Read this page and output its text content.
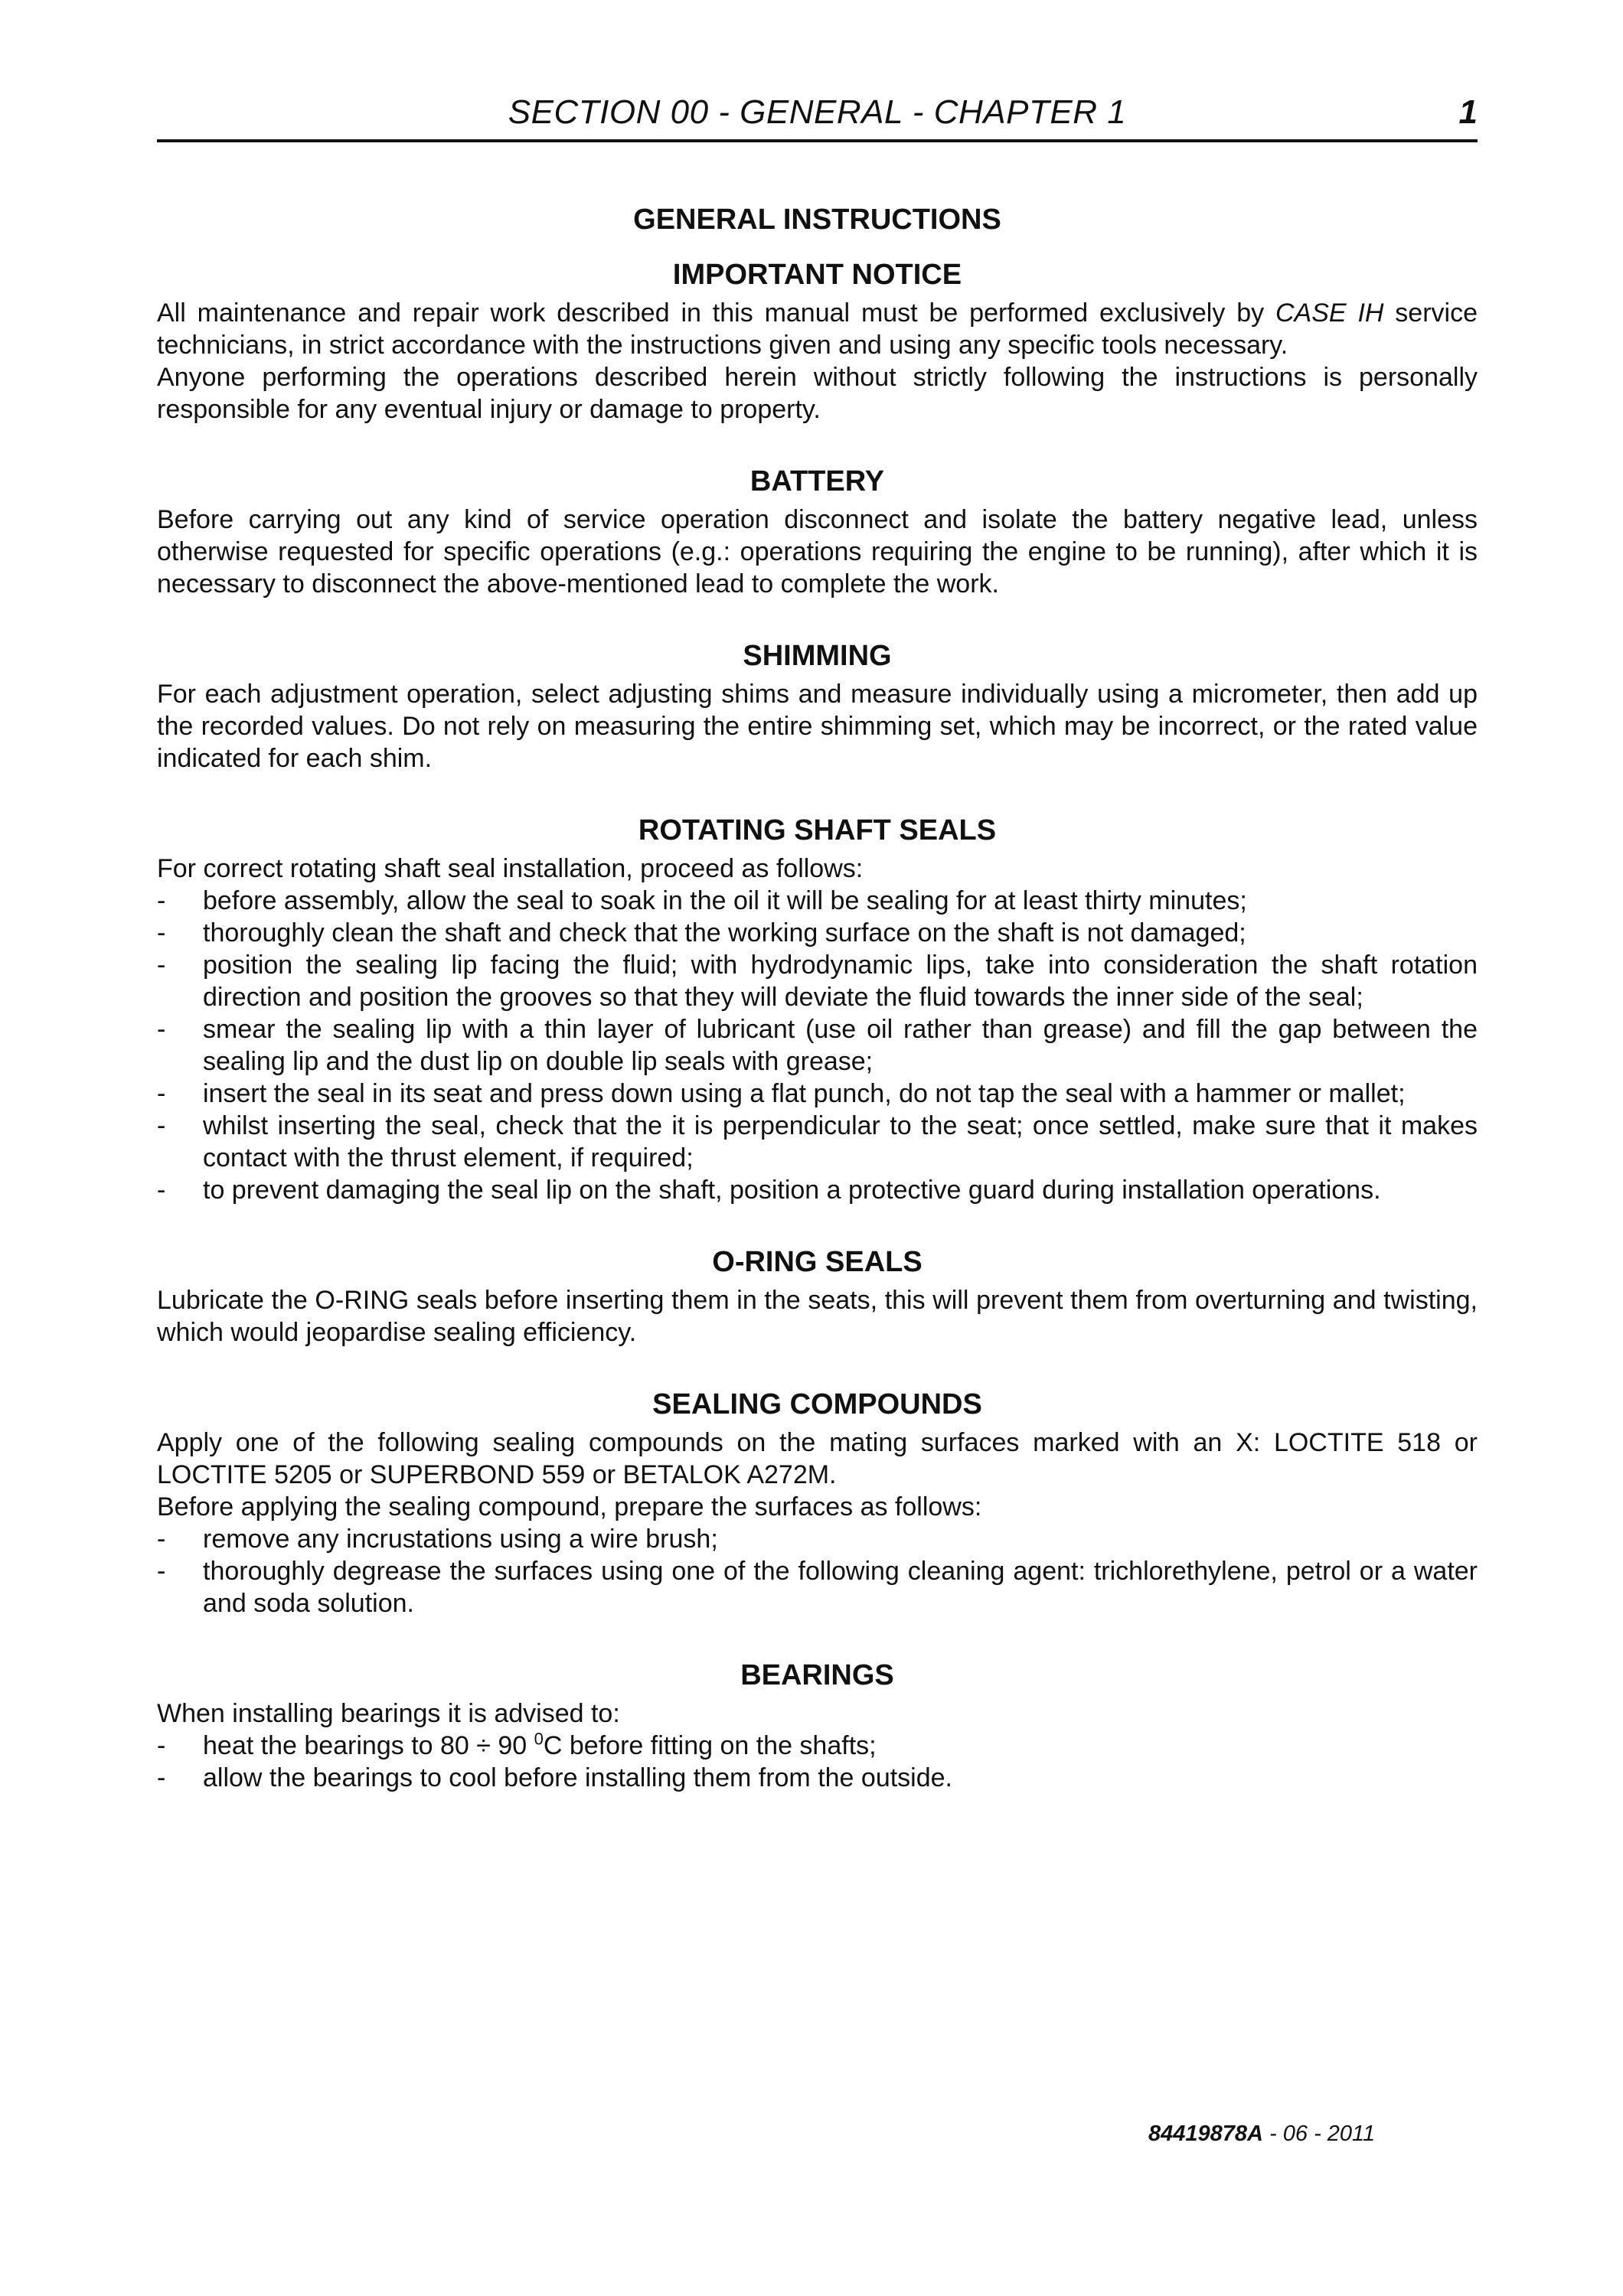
SECTION 00 - GENERAL - CHAPTER 1	1
GENERAL INSTRUCTIONS
IMPORTANT NOTICE

All maintenance and repair work described in this manual must be performed exclusively by CASE IH service technicians, in strict accordance with the instructions given and using any specific tools necessary.

Anyone performing the operations described herein without strictly following the instructions is personally responsible for any eventual injury or damage to property.

BATTERY

Before carrying out any kind of service operation disconnect and isolate the battery negative lead, unless otherwise requested for specific operations (e.g.: operations requiring the engine to be running), after which it is necessary to disconnect the above-mentioned lead to complete the work.

SHIMMING

For each adjustment operation, select adjusting shims and measure individually using a micrometer, then add up the recorded values. Do not rely on measuring the entire shimming set, which may be incorrect, or the rated value indicated for each shim.

ROTATING SHAFT SEALS

For correct rotating shaft seal installation, proceed as follows:

- before assembly, allow the seal to soak in the oil it will be sealing for at least thirty minutes;
- thoroughly clean the shaft and check that the working surface on the shaft is not damaged;
- position the sealing lip facing the fluid; with hydrodynamic lips, take into consideration the shaft rotation direction and position the grooves so that they will deviate the fluid towards the inner side of the seal;
- smear the sealing lip with a thin layer of lubricant (use oil rather than grease) and fill the gap between the sealing lip and the dust lip on double lip seals with grease;
- insert the seal in its seat and press down using a flat punch, do not tap the seal with a hammer or mallet;
- whilst inserting the seal, check that the it is perpendicular to the seat; once settled, make sure that it makes contact with the thrust element, if required;
- to prevent damaging the seal lip on the shaft, position a protective guard during installation operations.
O-RING SEALS

Lubricate the O-RING seals before inserting them in the seats, this will prevent them from overturning and twisting, which would jeopardise sealing efficiency.

SEALING COMPOUNDS

Apply one of the following sealing compounds on the mating surfaces marked with an X: LOCTITE 518 or LOCTITE 5205 or SUPERBOND 559 or BETALOK A272M.

Before applying the sealing compound, prepare the surfaces as follows:

- remove any incrustations using a wire brush;
- thoroughly degrease the surfaces using one of the following cleaning agent: trichlorethylene, petrol or a water and soda solution.
BEARINGS

When installing bearings it is advised to:

- heat the bearings to 80 ÷ 90 $^0$C before fitting on the shafts;
- allow the bearings to cool before installing them from the outside.
84419878A - 06 - 2011
